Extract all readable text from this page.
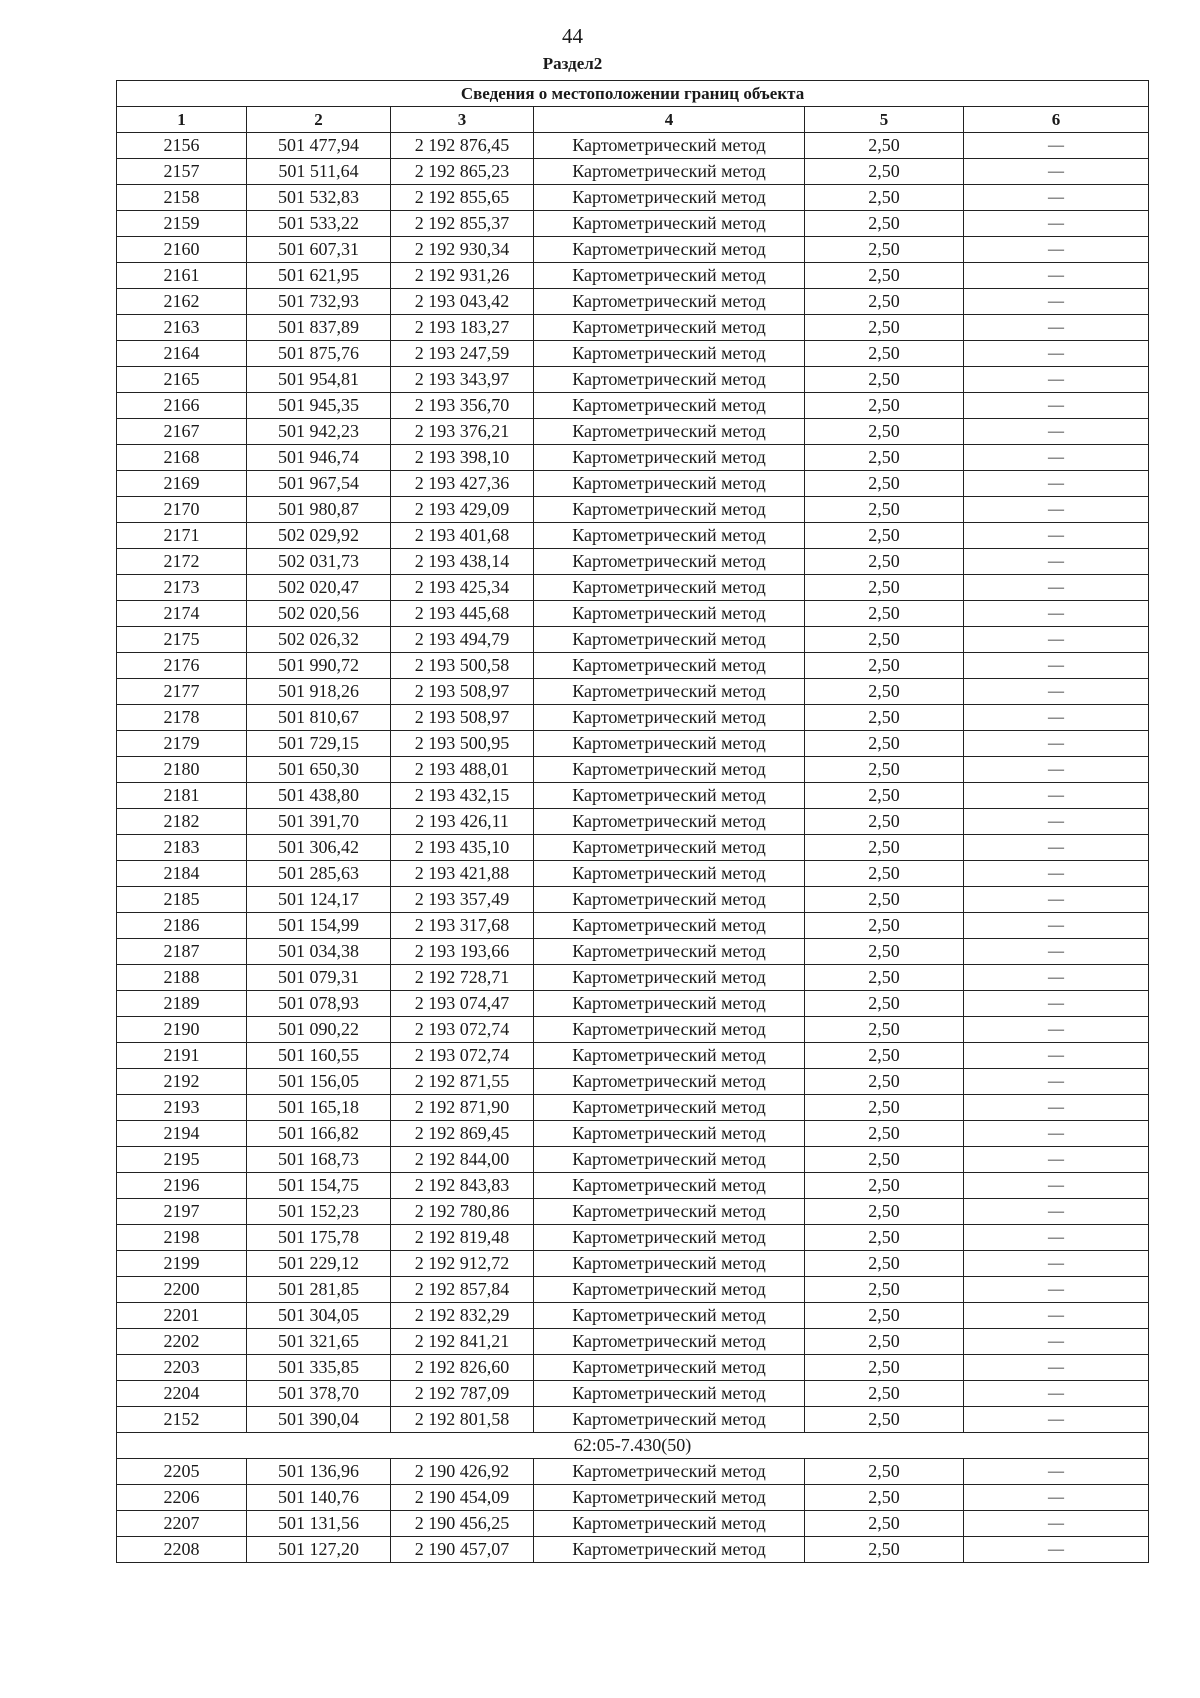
44
Раздел2
Сведения о местоположении границ объекта					
1	2	3	4	5	6
2156	501 477,94	2 192 876,45	Картометрический метод	2,50	—
2157	501 511,64	2 192 865,23	Картометрический метод	2,50	—
2158	501 532,83	2 192 855,65	Картометрический метод	2,50	—
2159	501 533,22	2 192 855,37	Картометрический метод	2,50	—
2160	501 607,31	2 192 930,34	Картометрический метод	2,50	—
2161	501 621,95	2 192 931,26	Картометрический метод	2,50	—
2162	501 732,93	2 193 043,42	Картометрический метод	2,50	—
2163	501 837,89	2 193 183,27	Картометрический метод	2,50	—
2164	501 875,76	2 193 247,59	Картометрический метод	2,50	—
2165	501 954,81	2 193 343,97	Картометрический метод	2,50	—
2166	501 945,35	2 193 356,70	Картометрический метод	2,50	—
2167	501 942,23	2 193 376,21	Картометрический метод	2,50	—
2168	501 946,74	2 193 398,10	Картометрический метод	2,50	—
2169	501 967,54	2 193 427,36	Картометрический метод	2,50	—
2170	501 980,87	2 193 429,09	Картометрический метод	2,50	—
2171	502 029,92	2 193 401,68	Картометрический метод	2,50	—
2172	502 031,73	2 193 438,14	Картометрический метод	2,50	—
2173	502 020,47	2 193 425,34	Картометрический метод	2,50	—
2174	502 020,56	2 193 445,68	Картометрический метод	2,50	—
2175	502 026,32	2 193 494,79	Картометрический метод	2,50	—
2176	501 990,72	2 193 500,58	Картометрический метод	2,50	—
2177	501 918,26	2 193 508,97	Картометрический метод	2,50	—
2178	501 810,67	2 193 508,97	Картометрический метод	2,50	—
2179	501 729,15	2 193 500,95	Картометрический метод	2,50	—
2180	501 650,30	2 193 488,01	Картометрический метод	2,50	—
2181	501 438,80	2 193 432,15	Картометрический метод	2,50	—
2182	501 391,70	2 193 426,11	Картометрический метод	2,50	—
2183	501 306,42	2 193 435,10	Картометрический метод	2,50	—
2184	501 285,63	2 193 421,88	Картометрический метод	2,50	—
2185	501 124,17	2 193 357,49	Картометрический метод	2,50	—
2186	501 154,99	2 193 317,68	Картометрический метод	2,50	—
2187	501 034,38	2 193 193,66	Картометрический метод	2,50	—
2188	501 079,31	2 192 728,71	Картометрический метод	2,50	—
2189	501 078,93	2 193 074,47	Картометрический метод	2,50	—
2190	501 090,22	2 193 072,74	Картометрический метод	2,50	—
2191	501 160,55	2 193 072,74	Картометрический метод	2,50	—
2192	501 156,05	2 192 871,55	Картометрический метод	2,50	—
2193	501 165,18	2 192 871,90	Картометрический метод	2,50	—
2194	501 166,82	2 192 869,45	Картометрический метод	2,50	—
2195	501 168,73	2 192 844,00	Картометрический метод	2,50	—
2196	501 154,75	2 192 843,83	Картометрический метод	2,50	—
2197	501 152,23	2 192 780,86	Картометрический метод	2,50	—
2198	501 175,78	2 192 819,48	Картометрический метод	2,50	—
2199	501 229,12	2 192 912,72	Картометрический метод	2,50	—
2200	501 281,85	2 192 857,84	Картометрический метод	2,50	—
2201	501 304,05	2 192 832,29	Картометрический метод	2,50	—
2202	501 321,65	2 192 841,21	Картометрический метод	2,50	—
2203	501 335,85	2 192 826,60	Картометрический метод	2,50	—
2204	501 378,70	2 192 787,09	Картометрический метод	2,50	—
2152	501 390,04	2 192 801,58	Картометрический метод	2,50	—
62:05-7.430(50)					
2205	501 136,96	2 190 426,92	Картометрический метод	2,50	—
2206	501 140,76	2 190 454,09	Картометрический метод	2,50	—
2207	501 131,56	2 190 456,25	Картометрический метод	2,50	—
2208	501 127,20	2 190 457,07	Картометрический метод	2,50	—
